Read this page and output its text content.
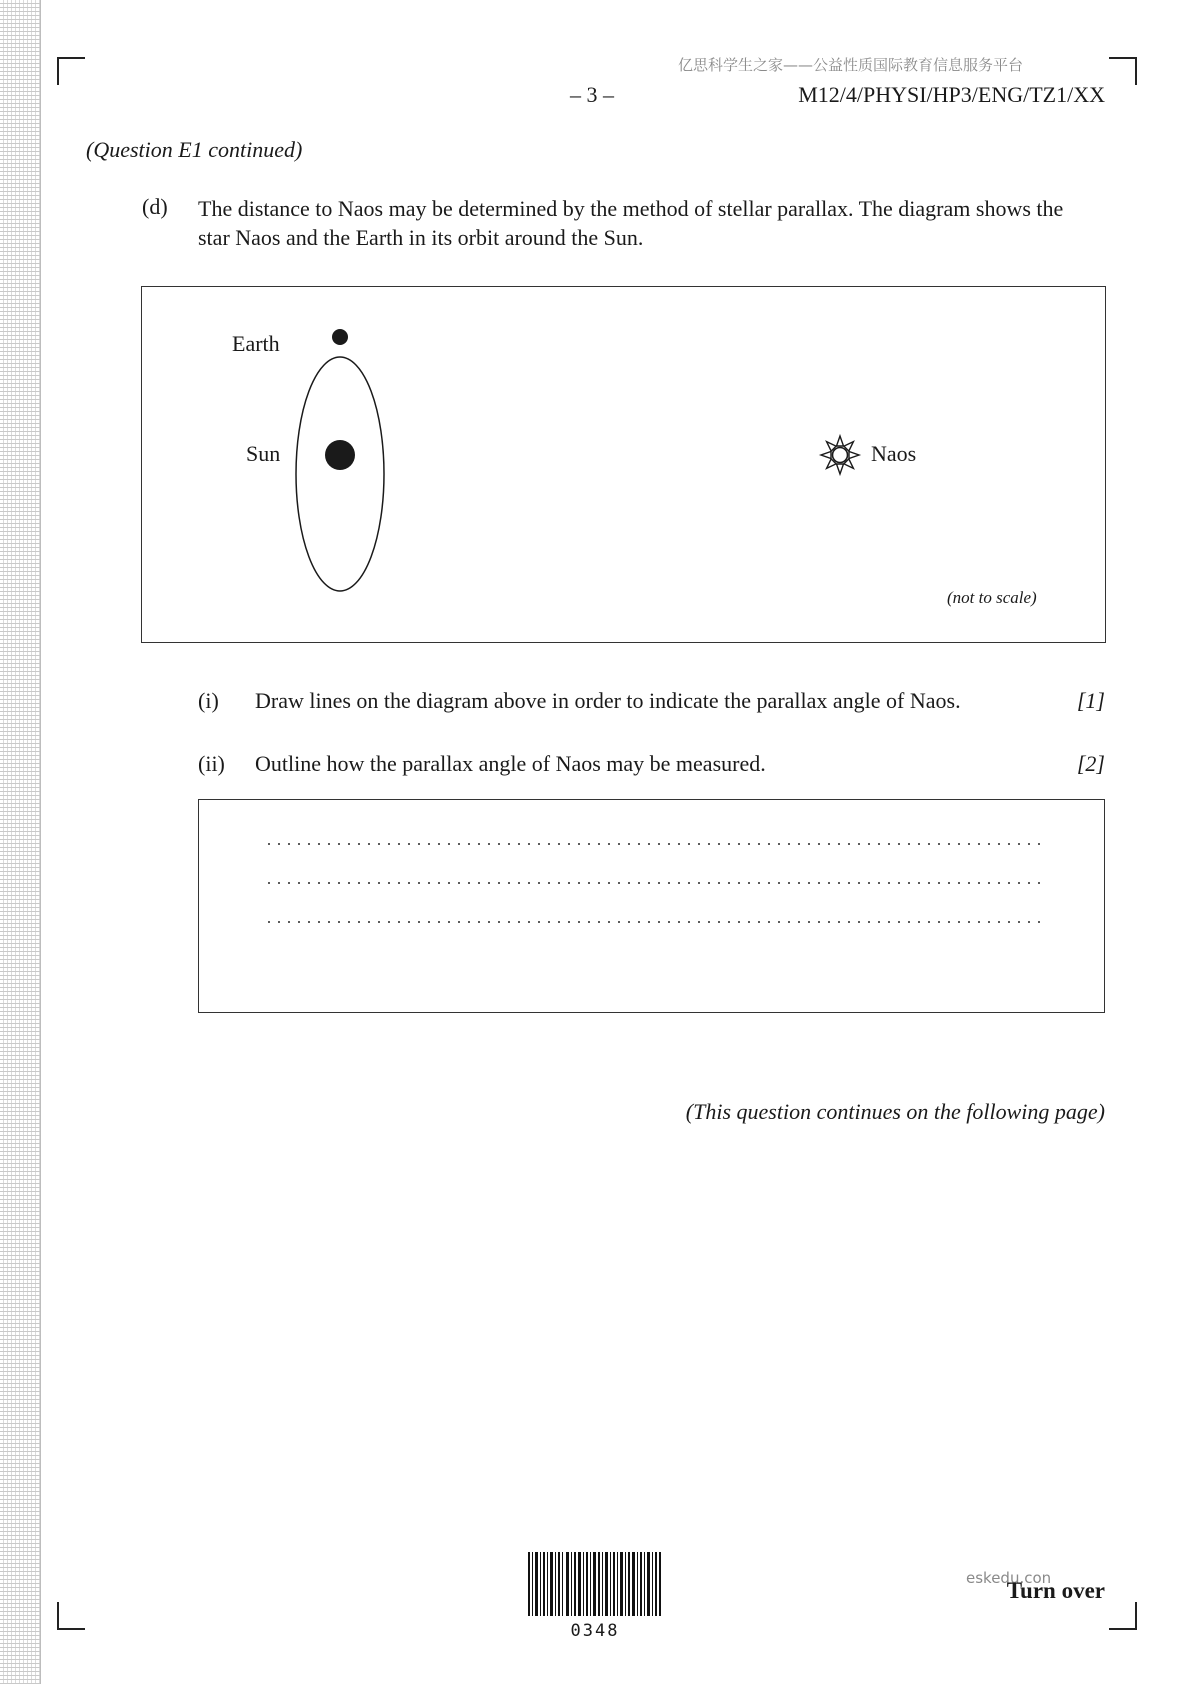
亿思科学生之家——公益性质国际教育信息服务平台
– 3 –	M12/4/PHYSI/HP3/ENG/TZ1/XX
(Question E1 continued)
(d) The distance to Naos may be determined by the method of stellar parallax. The diagram shows the star Naos and the Earth in its orbit around the Sun.
Earth
Sun	Naos
(not to scale)
(i) Draw lines on the diagram above in order to indicate the parallax angle of Naos.	[1]
(ii) Outline how the parallax angle of Naos may be measured.	[2]
(This question continues on the following page)
0348
eskedu.con
Turn over
